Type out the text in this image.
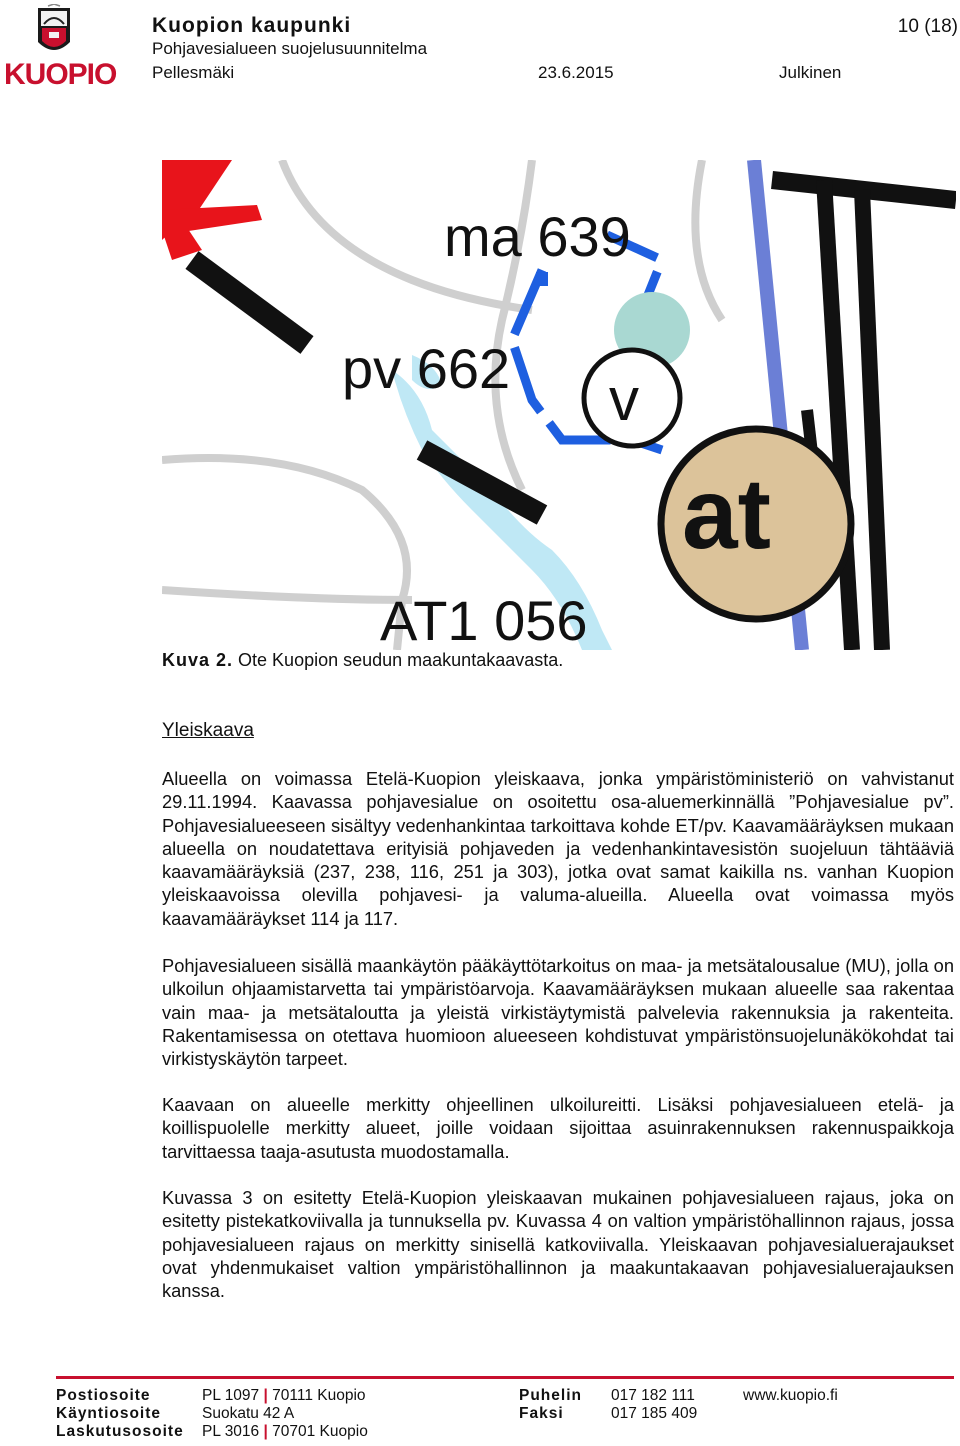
KUOPIO
Kuopion kaupunki
Pohjavesialueen suojelusuunnitelma
Pellesmäki	23.6.2015	Julkinen
10 (18)
ma 639
pv 662 v
at
AT1 056
Kuva 2. Ote Kuopion seudun maakuntakaavasta.
Yleiskaava
Alueella on voimassa Etelä-Kuopion yleiskaava, jonka ympäristöministeriö on vahvistanut 29.11.1994. Kaavassa pohjavesialue on osoitettu osa-aluemerkinnällä ”Pohjavesialue pv”. Pohjavesialueeseen sisältyy vedenhankintaa tarkoittava kohde ET/pv. Kaavamääräyksen mukaan alueella on noudatettava erityisiä pohjaveden ja vedenhankintavesistön suojeluun tähtääviä kaavamääräyksiä (237, 238, 116, 251 ja 303), jotka ovat samat kaikilla ns. vanhan Kuopion yleiskaavoissa olevilla pohjavesi- ja valuma-alueilla. Alueella ovat voimassa myös kaavamääräykset 114 ja 117.
Pohjavesialueen sisällä maankäytön pääkäyttötarkoitus on maa- ja metsätalousalue (MU), jolla on ulkoilun ohjaamistarvetta tai ympäristöarvoja. Kaavamääräyksen mukaan alueelle saa rakentaa vain maa- ja metsätaloutta ja yleistä virkistäytymistä palvelevia rakennuksia ja rakenteita. Rakentamisessa on otettava huomioon alueeseen kohdistuvat ympäristönsuojelunäkökohdat tai virkistyskäytön tarpeet.
Kaavaan on alueelle merkitty ohjeellinen ulkoilureitti. Lisäksi pohjavesialueen etelä- ja koillispuolelle merkitty alueet, joille voidaan sijoittaa asuinrakennuksen rakennuspaikkoja tarvittaessa taaja-asutusta muodostamalla.
Kuvassa 3 on esitetty Etelä-Kuopion yleiskaavan mukainen pohjavesialueen rajaus, joka on esitetty pistekatkoviivalla ja tunnuksella pv. Kuvassa 4 on valtion ympäristöhallinnon rajaus, jossa pohjavesialueen rajaus on merkitty sinisellä katkoviivalla. Yleiskaavan pohjavesialuerajaukset ovat yhdenmukaiset valtion ympäristöhallinnon ja maakuntakaavan pohjavesialuerajauksen kanssa.
Postiosoite
Käyntiosoite
Laskutusosoite
PL 1097 | 70111 Kuopio
Suokatu 42 A
PL 3016 | 70701 Kuopio
Puhelin
Faksi
017 182 111
017 185 409
www.kuopio.fi
